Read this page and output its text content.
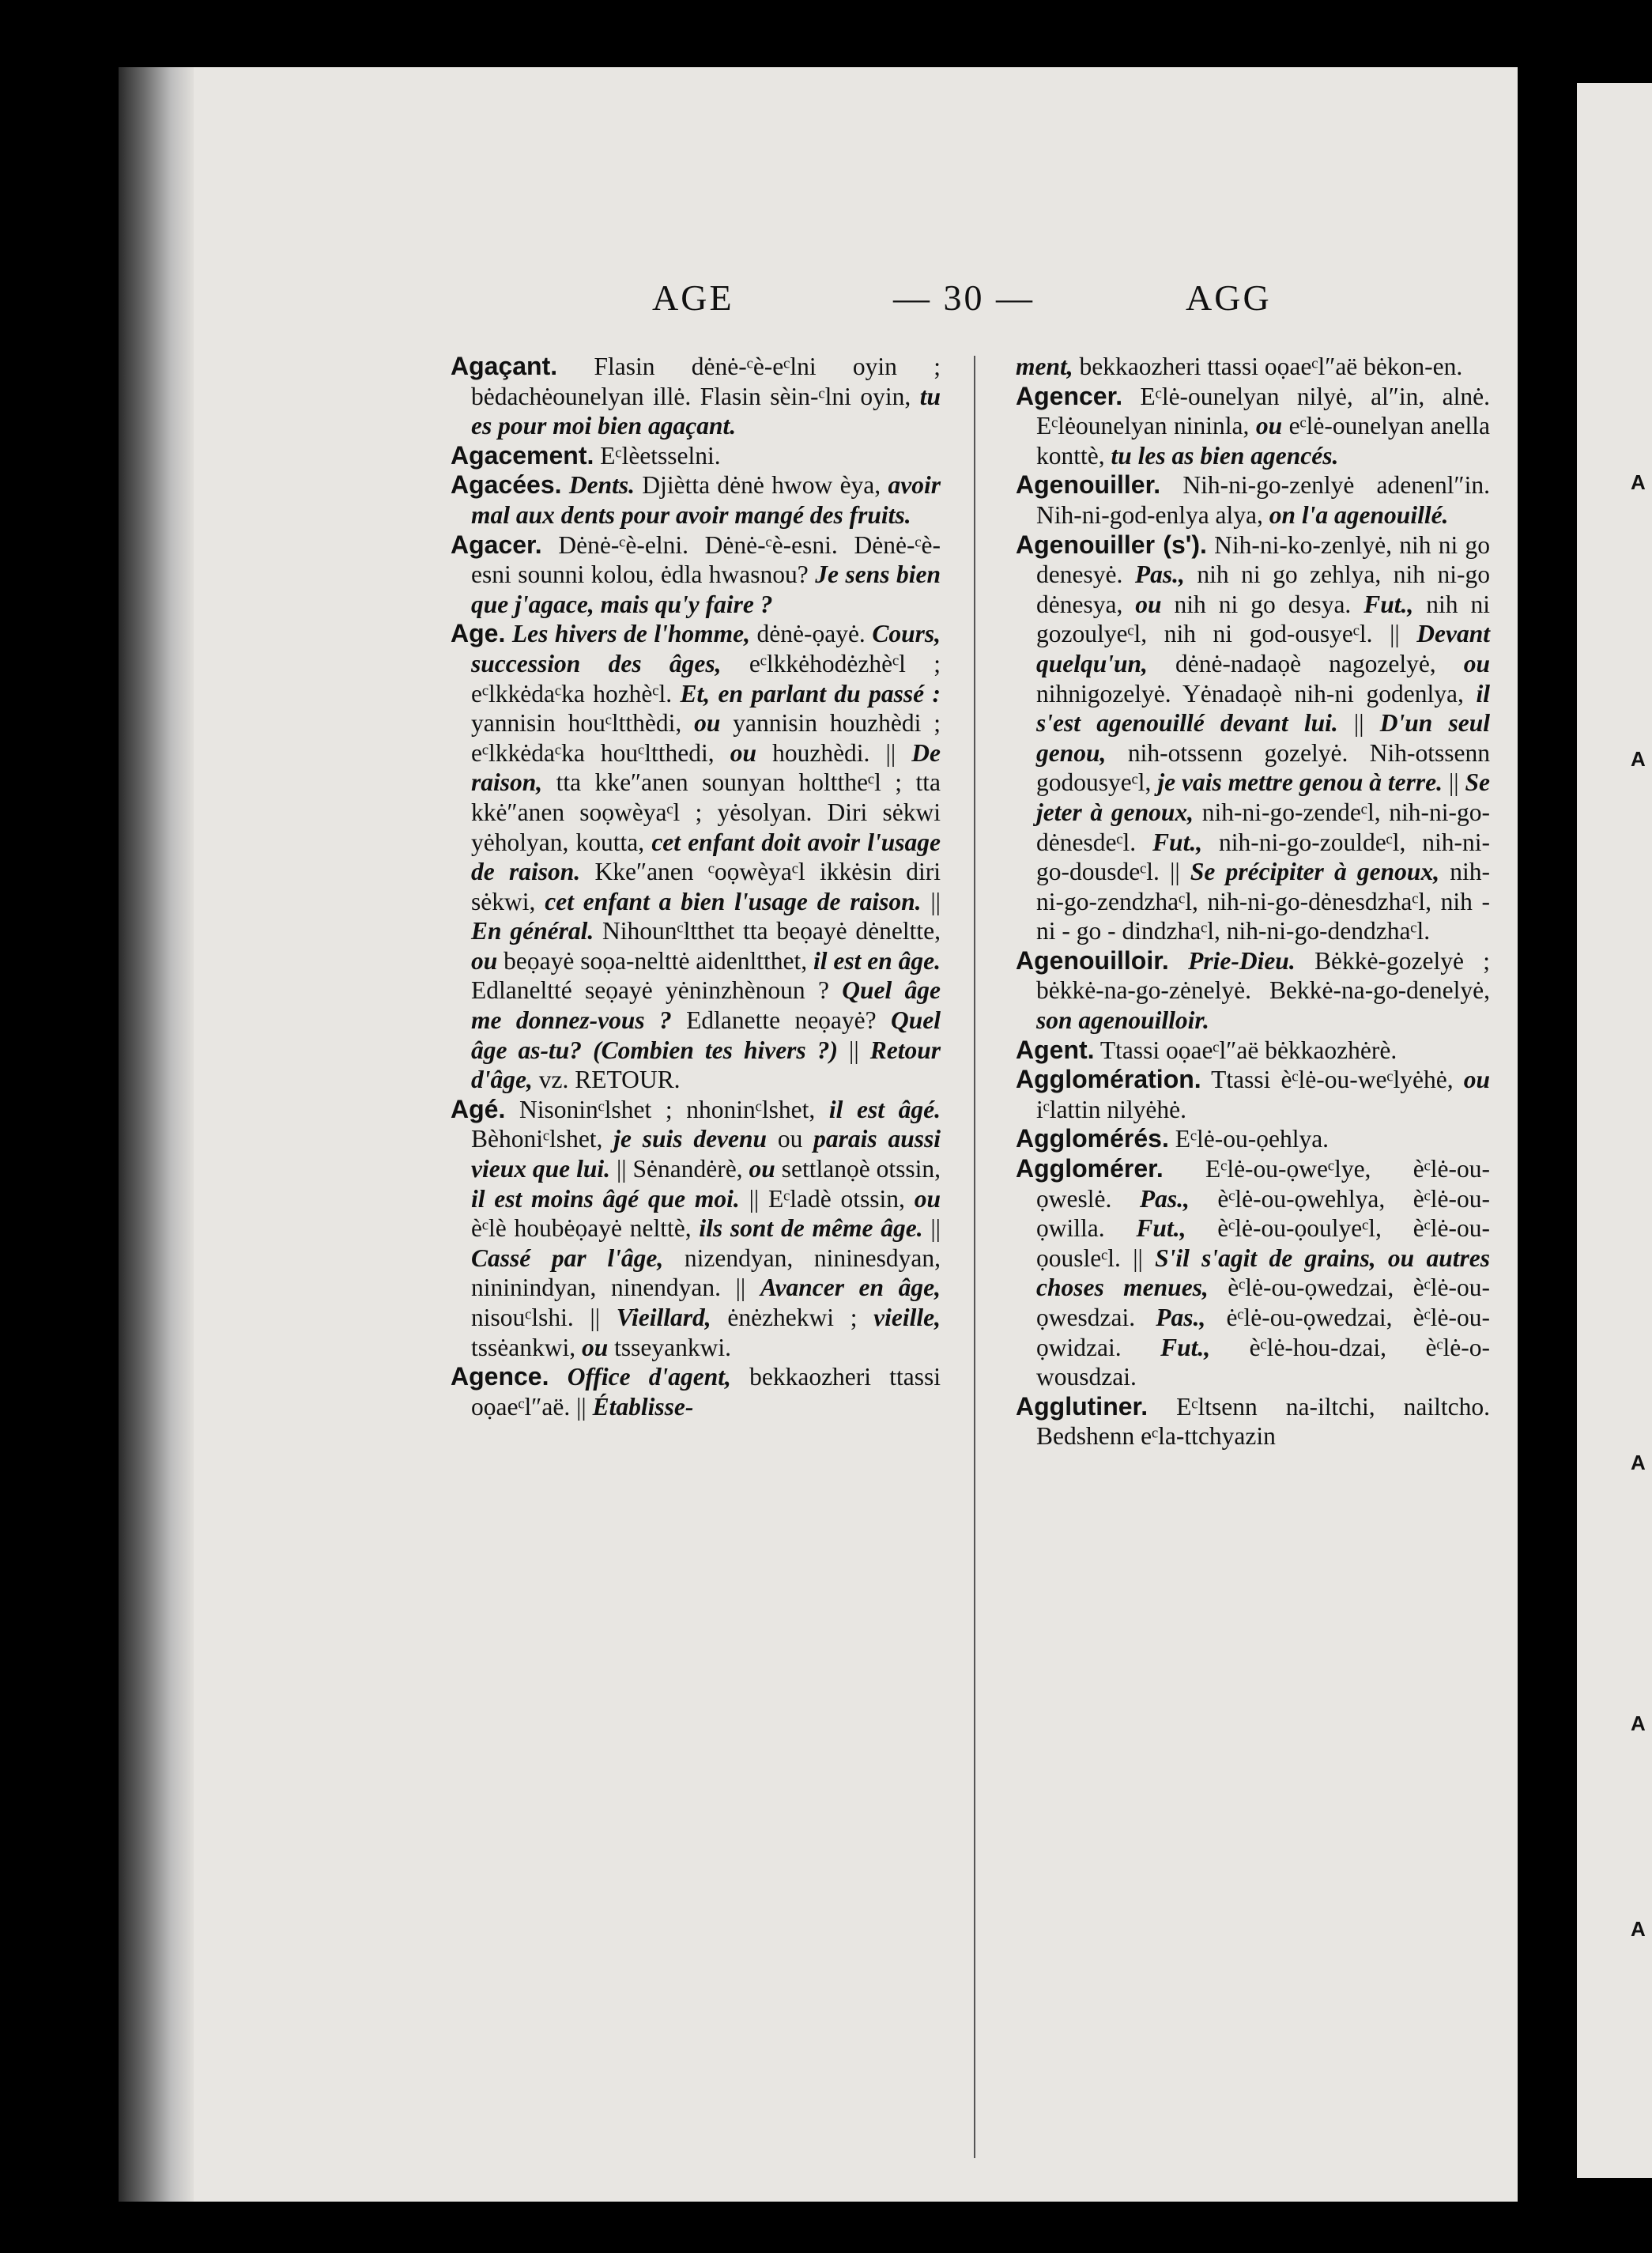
A
A
A
A
A
AGE	— 30 —	AGG

Agaçant. Flasin dėnė-ᶜè-eᶜlni oyin ; bėdachėounelyan illė. Flasin sèin-ᶜlni oyin, tu es pour moi bien agaçant.

Agacement. Eᶜlèetsselni.

Agacées. Dents. Djiètta dėnė hwow èya, avoir mal aux dents pour avoir mangé des fruits.

Agacer. Dėnė-ᶜè-elni. Dėnė-ᶜè-esni. Dėnė-ᶜè-esni sounni kolou, ėdla hwasnou? Je sens bien que j'agace, mais qu'y faire ?

Age. Les hivers de l'homme, dėnė-ọayė. Cours, succession des âges, eᶜlkkėhodėzhèᶜl ; eᶜlkkėdaᶜka hozhèᶜl. Et, en parlant du passé : yannisin houᶜltthèdi, ou yannisin houzhèdi ; eᶜlkkėdaᶜka houᶜltthedi, ou houzhèdi. || De raison, tta kke″anen sounyan holtthеᶜl ; tta kkė″anen soọwèyaᶜl ; yėsolyan. Diri sėkwi yėholyan, koutta, cet enfant doit avoir l'usage de raison. Kke″anen ᶜoọwèyaᶜl ikkėsin diri sėkwi, cet enfant a bien l'usage de raison. || En général. Nihounᶜltthet tta beọayė dėneltte, ou beọayė soọa-nelttė aidenltthet, il est en âge. Edlaneltté seọayė yėninzhènoun ? Quel âge me donnez-vous ? Edlanette neọayė? Quel âge as-tu? (Combien tes hivers ?) || Retour d'âge, vz. RETOUR.

Agé. Nisoninᶜlshet ; nhoninᶜlshet, il est âgé. Bèhoniᶜlshet, je suis devenu ou parais aussi vieux que lui. || Sėnandėrè, ou settlanọè otssin, il est moins âgé que moi. || Eᶜladè otssin, ou èᶜlè houbėọayė nelttè, ils sont de même âge. || Cassé par l'âge, nizendyan, nininesdyan, nininindyan, ninendyan. || Avancer en âge, nisouᶜlshi. || Vieillard, ėnėzhekwi ; vieille, tssėankwi, ou tsseyankwi.

Agence. Office d'agent, bekkaozheri ttassi oọaeᶜl″aë. || Établisse-

ment, bekkaozheri ttassi oọaeᶜl″aë bėkon-en.

Agencer. Eᶜlė-ounelyan nilyė, al″in, alnė. Eᶜlėounelyan nininla, ou eᶜlė-ounelyan anella konttè, tu les as bien agencés.

Agenouiller. Nih-ni-go-zenlyė adenenl″in. Nih-ni-god-enlya alya, on l'a agenouillé.

Agenouiller (s'). Nih-ni-ko-zenlyė, nih ni go denesyė. Pas., nih ni go zehlya, nih ni-go dėnesya, ou nih ni go desya. Fut., nih ni gozoulyeᶜl, nih ni god-ousyeᶜl. || Devant quelqu'un, dėnė-nadaọè nagozelyė, ou nihnigozelyė. Yėnadaọè nih-ni godenlya, il s'est agenouillé devant lui. || D'un seul genou, nih-otssenn gozelyė. Nih-otssenn godousyeᶜl, je vais mettre genou à terre. || Se jeter à genoux, nih-ni-go-zendeᶜl, nih-ni-go-dėnesdeᶜl. Fut., nih-ni-go-zouldeᶜl, nih-ni-go-dousdeᶜl. || Se précipiter à genoux, nih-ni-go-zendzhaᶜl, nih-ni-go-dėnesdzhaᶜl, nih - ni - go - dindzhaᶜl, nih-ni-go-dendzhaᶜl.

Agenouilloir. Prie-Dieu. Bėkkė-gozelyė ; bėkkė-na-go-zėnelyė. Bekkė-na-go-denelyė, son agenouilloir.

Agent. Ttassi oọaeᶜl″aë bėkkaozhėrè.

Agglomération. Ttassi èᶜlė-ou-weᶜlyėhė, ou iᶜlattin nilyėhė.

Agglomérés. Eᶜlė-ou-ọehlya.

Agglomérer. Eᶜlė-ou-ọweᶜlye, èᶜlė-ou-ọweslė. Pas., èᶜlė-ou-ọwehlya, èᶜlė-ou-ọwilla. Fut., èᶜlė-ou-ọoulyeᶜl, èᶜlė-ou-ọousleᶜl. || S'il s'agit de grains, ou autres choses menues, èᶜlė-ou-ọwedzai, èᶜlė-ou-ọwesdzai. Pas., ėᶜlė-ou-ọwedzai, èᶜlė-ou-ọwidzai. Fut., èᶜlė-hou-dzai, èᶜlė-o-wousdzai.

Agglutiner. Eᶜltsenn na-iltchi, nailtcho. Bedshenn eᶜla-ttchyazin
